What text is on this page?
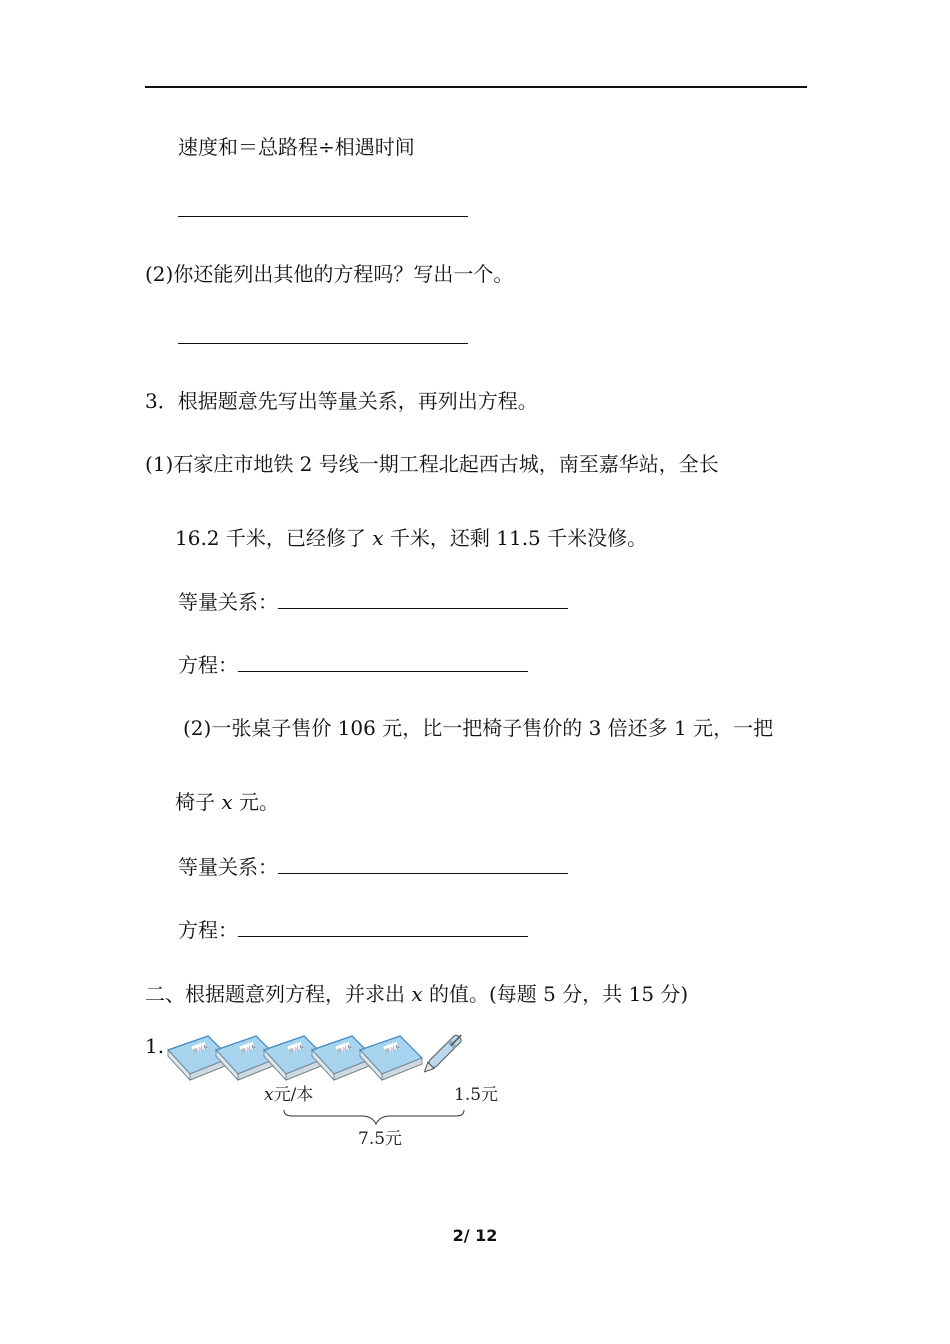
速度和＝总路程÷相遇时间
(2)你还能列出其他的方程吗？写出一个。
3．根据题意先写出等量关系，再列出方程。
(1)石家庄市地铁 2 号线一期工程北起西古城，南至嘉华站，全长
16.2 千米，已经修了 x 千米，还剩 11.5 千米没修。
等量关系：
方程：
(2)一张桌子售价 106 元，比一把椅子售价的 3 倍还多 1 元，一把
椅子 x 元。
等量关系：
方程：
二、根据题意列方程，并求出 x 的值。(每题 5 分，共 15 分)
1.
x元/本	1.5元
7.5元
2/ 12
